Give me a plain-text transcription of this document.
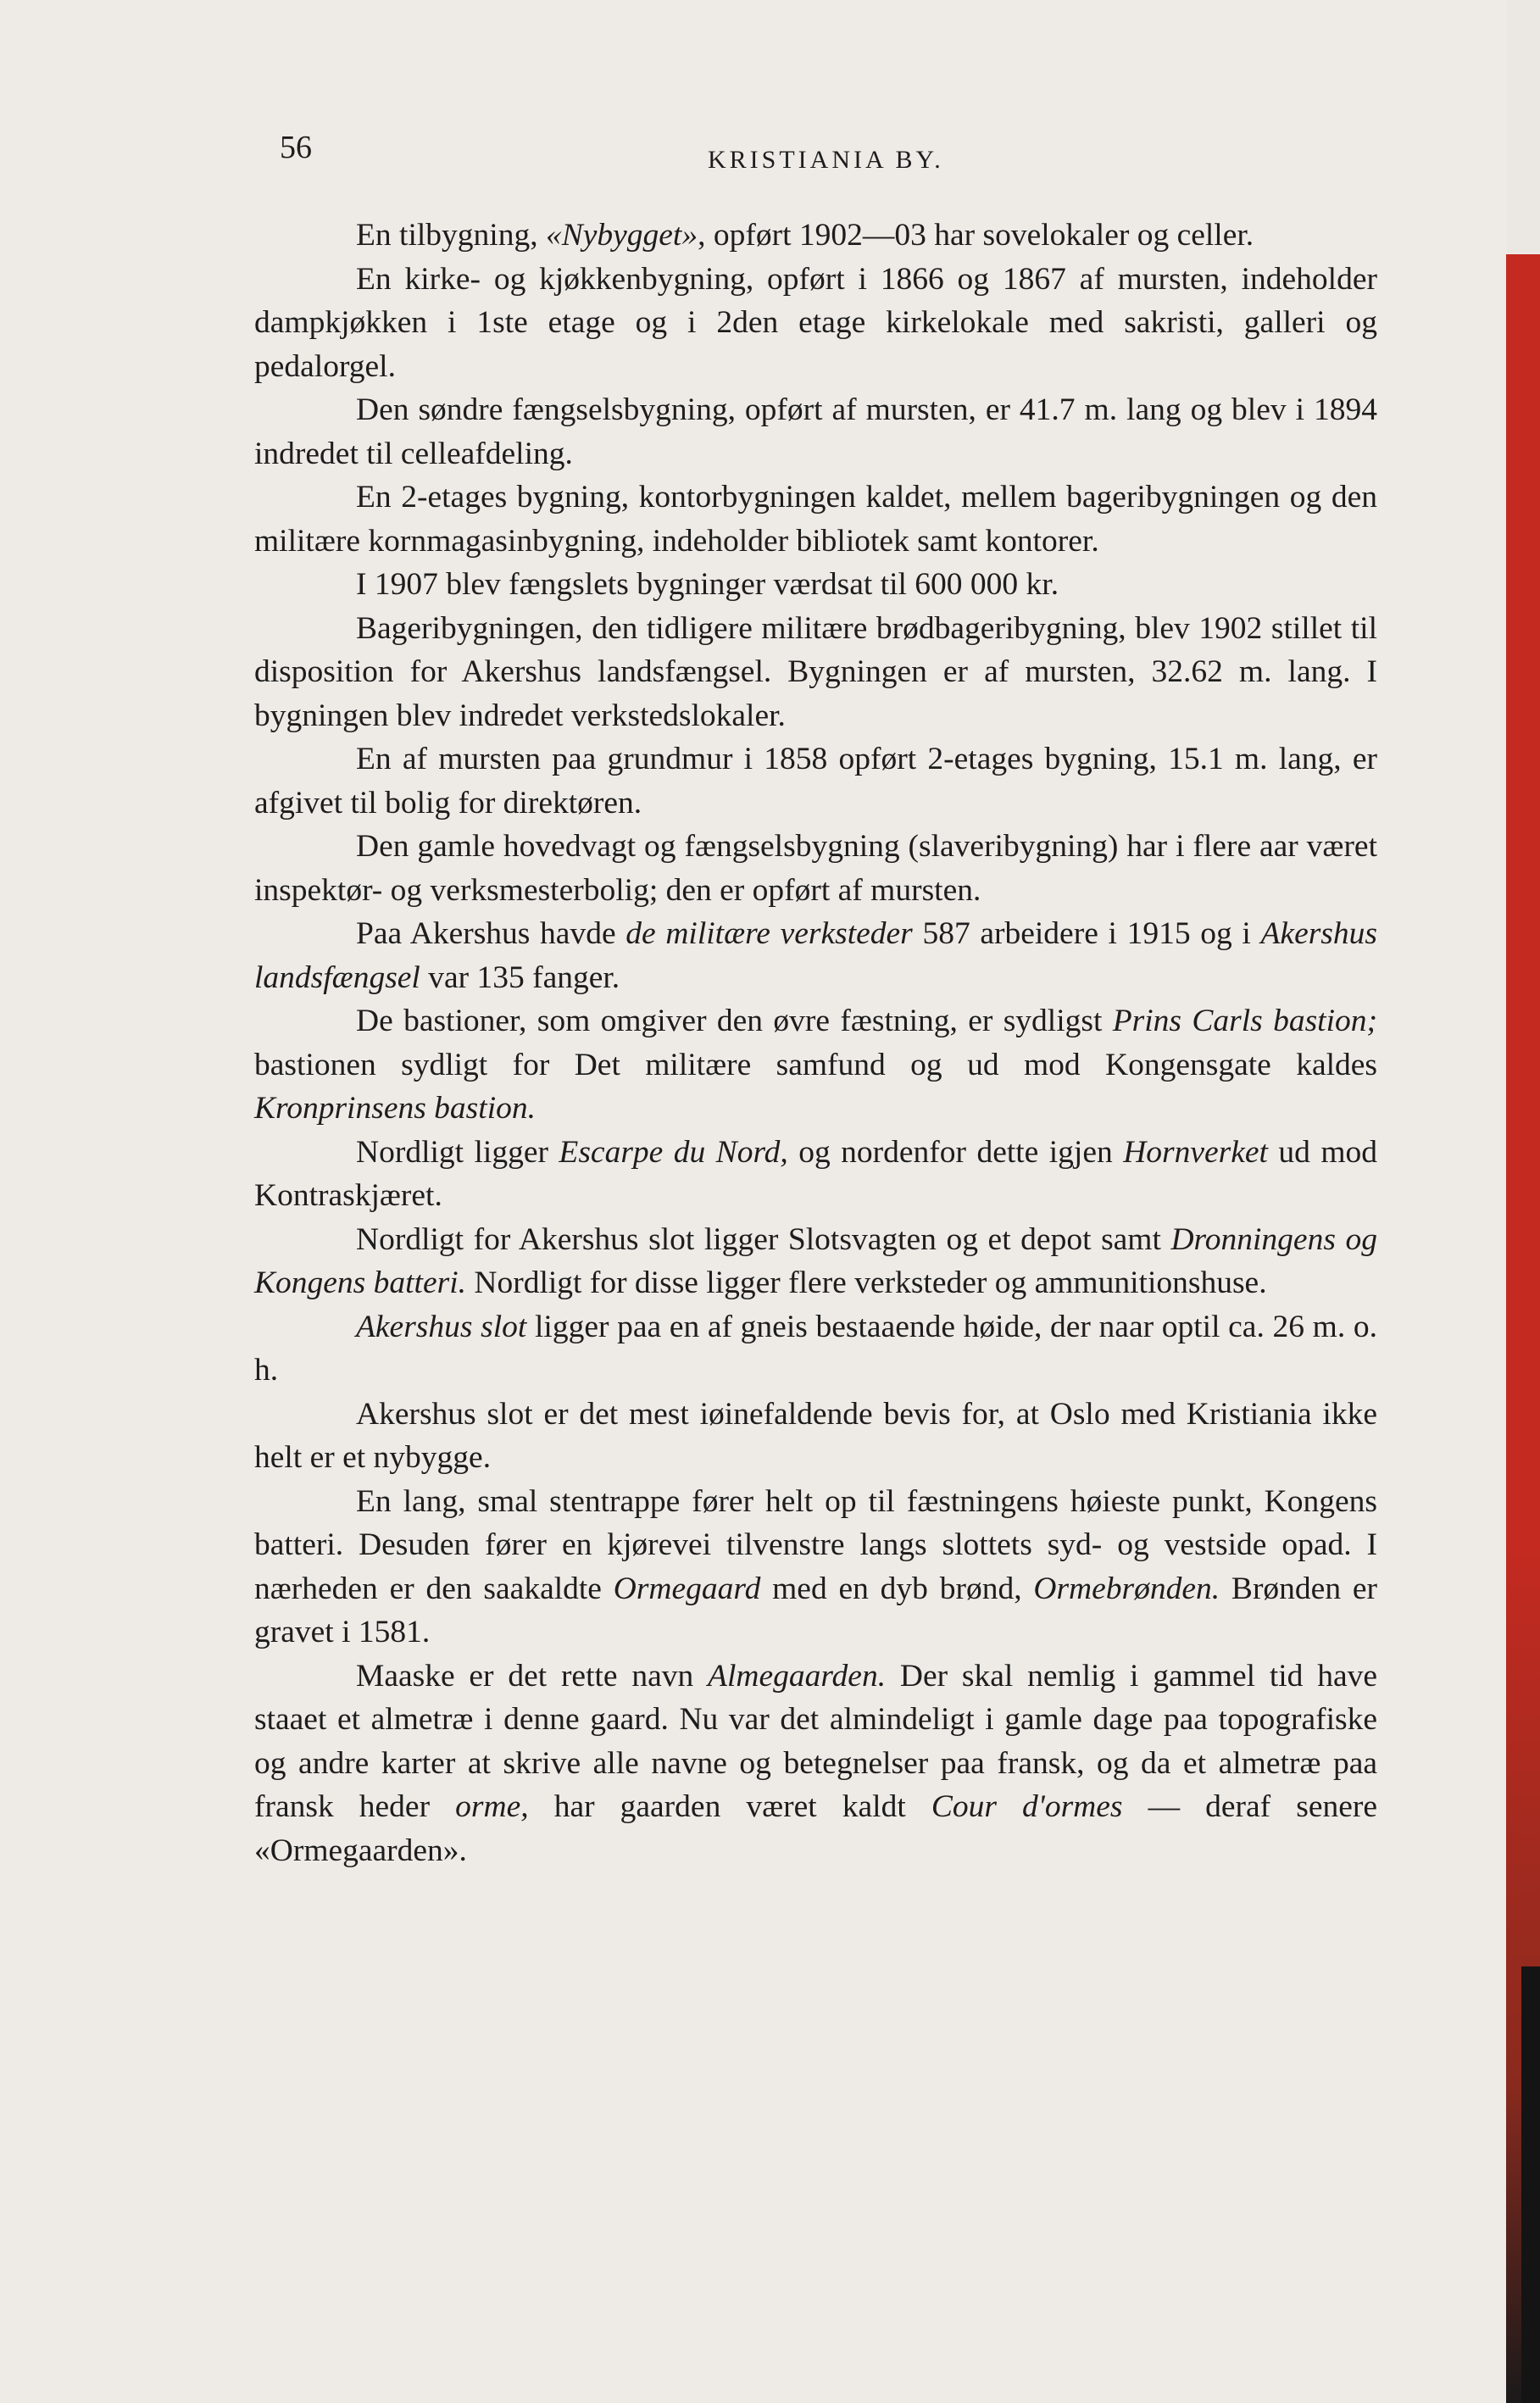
56	KRISTIANIA BY.

En tilbygning, «Nybygget», opført 1902—03 har sovelokaler og celler.

En kirke- og kjøkkenbygning, opført i 1866 og 1867 af mursten, indeholder dampkjøkken i 1ste etage og i 2den etage kirkelokale med sakristi, galleri og pedalorgel.

Den søndre fængselsbygning, opført af mursten, er 41.7 m. lang og blev i 1894 indredet til celleafdeling.

En 2-etages bygning, kontorbygningen kaldet, mellem bageribygningen og den militære kornmagasinbygning, indeholder bibliotek samt kontorer.

I 1907 blev fængslets bygninger værdsat til 600 000 kr.

Bageribygningen, den tidligere militære brødbageribygning, blev 1902 stillet til disposition for Akershus landsfængsel. Bygningen er af mursten, 32.62 m. lang. I bygningen blev indredet verkstedslokaler.

En af mursten paa grundmur i 1858 opført 2-etages bygning, 15.1 m. lang, er afgivet til bolig for direktøren.

Den gamle hovedvagt og fængselsbygning (slaveribygning) har i flere aar været inspektør- og verksmesterbolig; den er opført af mursten.

Paa Akershus havde de militære verksteder 587 arbeidere i 1915 og i Akershus landsfængsel var 135 fanger.

De bastioner, som omgiver den øvre fæstning, er sydligst Prins Carls bastion; bastionen sydligt for Det militære samfund og ud mod Kongensgate kaldes Kronprinsens bastion.

Nordligt ligger Escarpe du Nord, og nordenfor dette igjen Hornverket ud mod Kontraskjæret.

Nordligt for Akershus slot ligger Slotsvagten og et depot samt Dronningens og Kongens batteri. Nordligt for disse ligger flere verksteder og ammunitionshuse.

Akershus slot ligger paa en af gneis bestaaende høide, der naar optil ca. 26 m. o. h.

Akershus slot er det mest iøinefaldende bevis for, at Oslo med Kristiania ikke helt er et nybygge.

En lang, smal stentrappe fører helt op til fæstningens høieste punkt, Kongens batteri. Desuden fører en kjørevei tilvenstre langs slottets syd- og vestside opad. I nærheden er den saakaldte Ormegaard med en dyb brønd, Ormebrønden. Brønden er gravet i 1581.

Maaske er det rette navn Almegaarden. Der skal nemlig i gammel tid have staaet et almetræ i denne gaard. Nu var det almindeligt i gamle dage paa topografiske og andre karter at skrive alle navne og betegnelser paa fransk, og da et almetræ paa fransk heder orme, har gaarden været kaldt Cour d'ormes — deraf senere «Ormegaarden».
